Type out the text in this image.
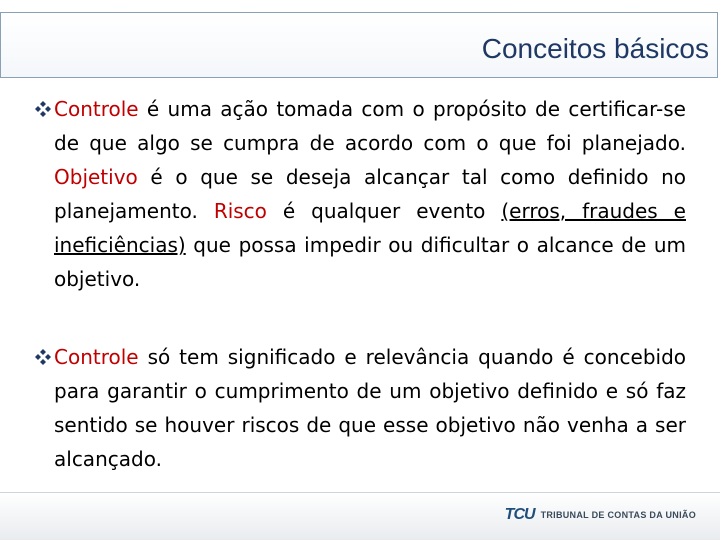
Conceitos básicos
Controle é uma ação tomada com o propósito de certificar-se de que algo se cumpra de acordo com o que foi planejado. Objetivo é o que se deseja alcançar tal como definido no planejamento. Risco é qualquer evento (erros, fraudes e ineficiências) que possa impedir ou dificultar o alcance de um objetivo.
Controle só tem significado e relevância quando é concebido para garantir o cumprimento de um objetivo definido e só faz sentido se houver riscos de que esse objetivo não venha a ser alcançado.
TCU TRIBUNAL DE CONTAS DA UNIÃO
